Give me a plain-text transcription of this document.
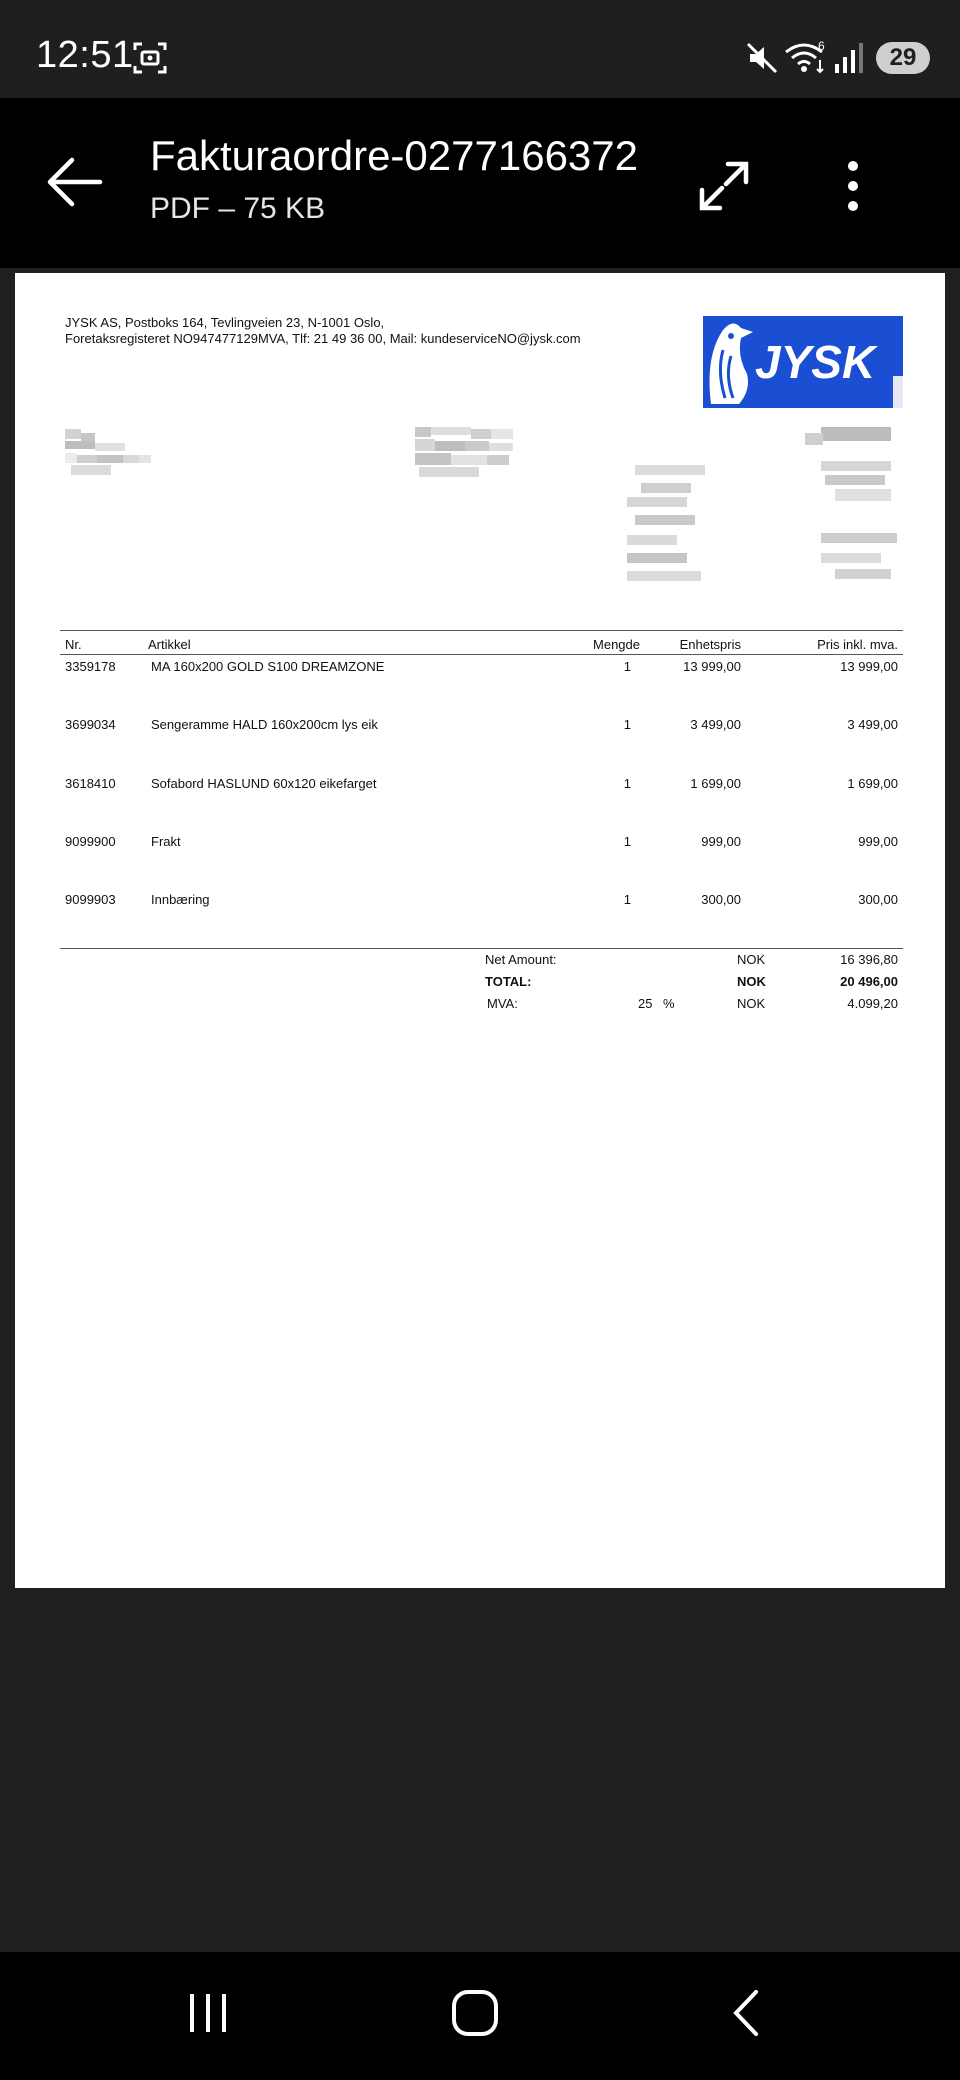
12:51	6	29
Fakturaordre-0277166372
PDF – 75 KB
JYSK AS, Postboks 164, Tevlingveien 23, N-1001 Oslo,
Foretaksregisteret NO947477129MVA, Tlf: 21 49 36 00, Mail: kundeserviceNO@jysk.com	JYSK
Nr.	Artikkel	Mengde	Enhetspris	Pris inkl. mva.
3359178	MA 160x200 GOLD S100 DREAMZONE	1	13 999,00	13 999,00
3699034	Sengeramme HALD 160x200cm lys eik	1	3 499,00	3 499,00
3618410	Sofabord HASLUND 60x120 eikefarget	1	1 699,00	1 699,00
9099900	Frakt	1	999,00	999,00
9099903	Innbæring	1	300,00	300,00
Net Amount:	NOK	16 396,80
TOTAL:	NOK	20 496,00
MVA:	25 %	NOK	4.099,20
